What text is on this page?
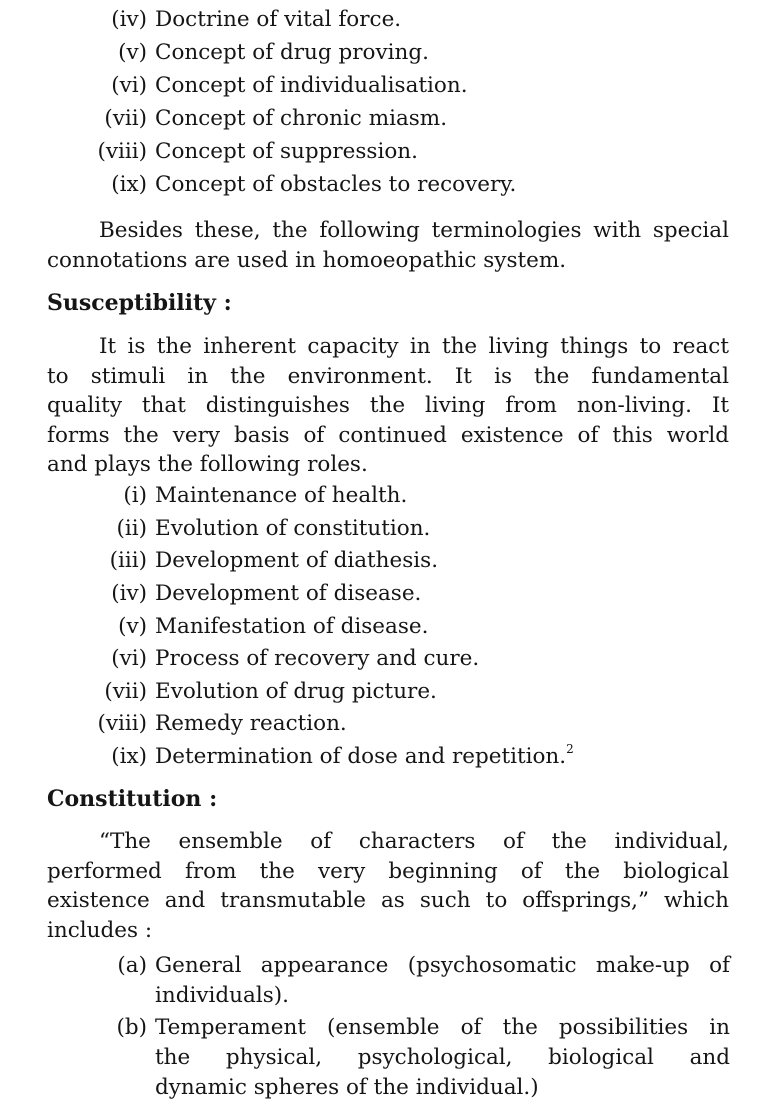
(iv) Doctrine of vital force.
(v) Concept of drug proving.
(vi) Concept of individualisation.
(vii) Concept of chronic miasm.
(viii) Concept of suppression.
(ix) Concept of obstacles to recovery.
Besides these, the following terminologies with special
connotations are used in homoeopathic system.
Susceptibility :
It is the inherent capacity in the living things to react
to stimuli in the environment. It is the fundamental
quality that distinguishes the living from non-living. It
forms the very basis of continued existence of this world
and plays the following roles.
(i) Maintenance of health.
(ii) Evolution of constitution.
(iii) Development of diathesis.
(iv) Development of disease.
(v) Manifestation of disease.
(vi) Process of recovery and cure.
(vii) Evolution of drug picture.
(viii) Remedy reaction.
(ix) Determination of dose and repetition.$^2$
Constitution :
“The ensemble of characters of the individual,
performed from the very beginning of the biological
existence and transmutable as such to offsprings,” which
includes :
(a) General appearance (psychosomatic make-up of
individuals).
(b) Temperament (ensemble of the possibilities in
the physical, psychological, biological and
dynamic spheres of the individual.)
